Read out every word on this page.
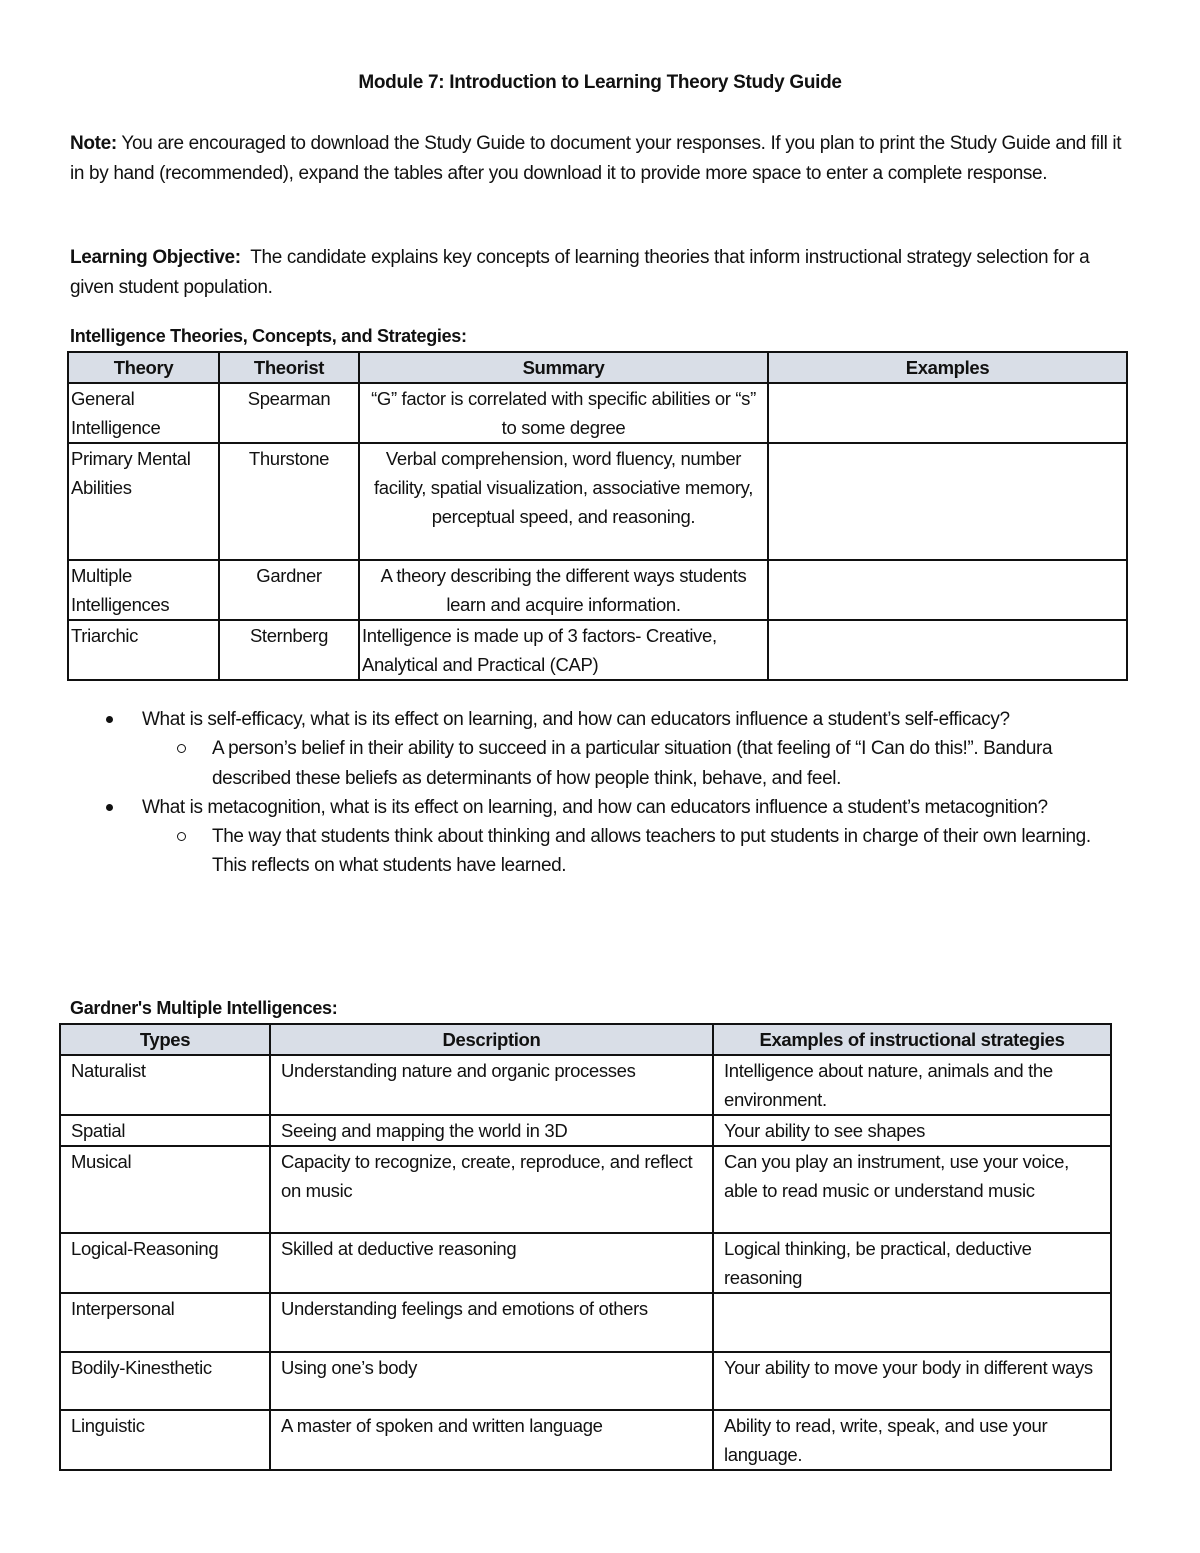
Module 7: Introduction to Learning Theory Study Guide
Note: You are encouraged to download the Study Guide to document your responses. If you plan to print the Study Guide and fill it in by hand (recommended), expand the tables after you download it to provide more space to enter a complete response.
Learning Objective:  The candidate explains key concepts of learning theories that inform instructional strategy selection for a given student population.
Intelligence Theories, Concepts, and Strategies:
Theory	Theorist	Summary	Examples
General Intelligence	Spearman	“G” factor is correlated with specific abilities or “s” to some degree	

Primary Mental Abilities	Thurstone	Verbal comprehension, word fluency, number facility, spatial visualization, associative memory, perceptual speed, and reasoning.	
Multiple Intelligences	Gardner	A theory describing the different ways students learn and acquire information.	
Triarchic	Sternberg	Intelligence is made up of 3 factors- Creative, Analytical and Practical (CAP)	
What is self-efficacy, what is its effect on learning, and how can educators influence a student’s self-efficacy?
A person’s belief in their ability to succeed in a particular situation (that feeling of “I Can do this!”. Bandura described these beliefs as determinants of how people think, behave, and feel.
What is metacognition, what is its effect on learning, and how can educators influence a student’s metacognition?
The way that students think about thinking and allows teachers to put students in charge of their own learning. This reflects on what students have learned.
Gardner's Multiple Intelligences:
Types	Description	Examples of instructional strategies
Naturalist	Understanding nature and organic processes	Intelligence about nature, animals and the environment.
Spatial	Seeing and mapping the world in 3D	Your ability to see shapes
Musical	Capacity to recognize, create, reproduce, and reflect on music	Can you play an instrument, use your voice, able to read music or understand music
Logical-Reasoning	Skilled at deductive reasoning	Logical thinking, be practical, deductive reasoning
Interpersonal	Understanding feelings and emotions of others	
Bodily-Kinesthetic	Using one’s body	Your ability to move your body in different ways
Linguistic	A master of spoken and written language	Ability to read, write, speak, and use your language.
